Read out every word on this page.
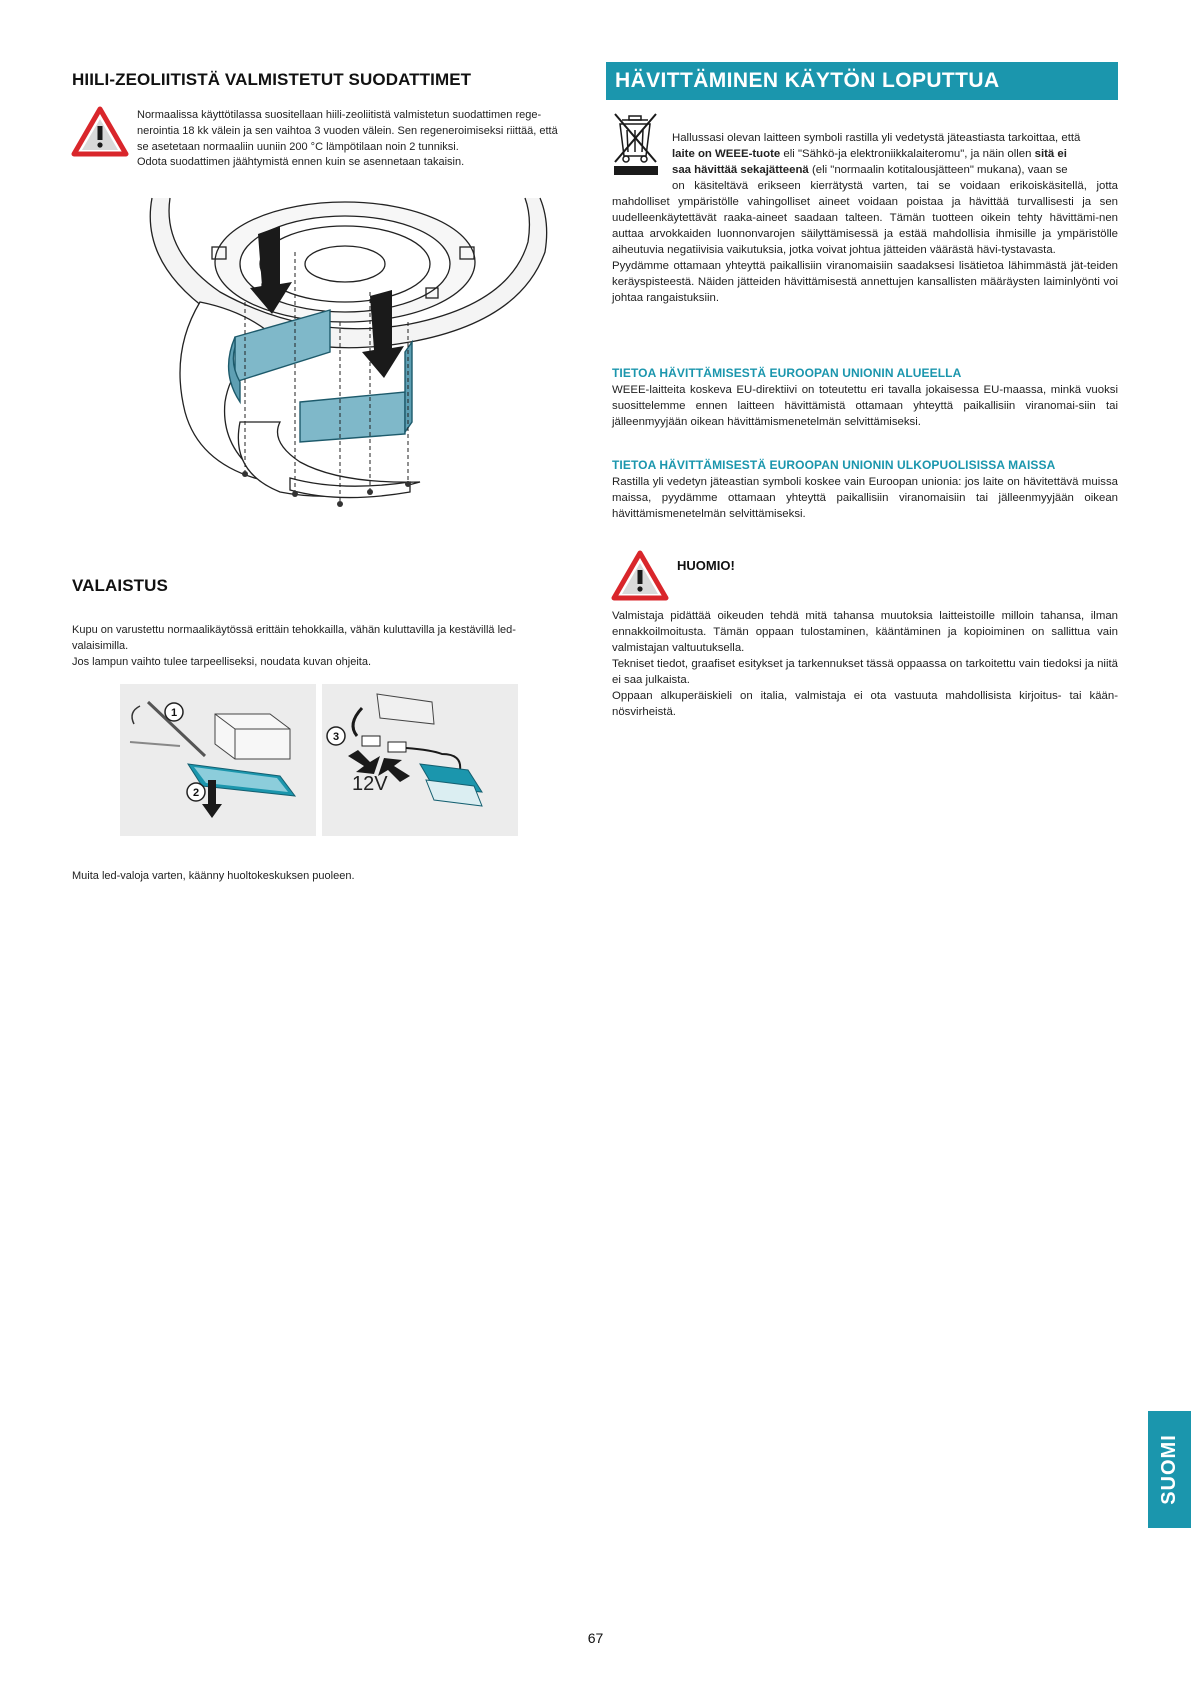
HIILI-ZEOLIITISTÄ VALMISTETUT SUODATTIMET

Normaalissa käyttötilassa suositellaan hiili-zeoliitistä valmistetun suodattimen rege-

nerointia 18 kk välein ja sen vaihtoa 3 vuoden välein. Sen regeneroimiseksi riittää, että

se asetetaan normaaliin uuniin 200 °C lämpötilaan noin 2 tunniksi.

Odota suodattimen jäähtymistä ennen kuin se asennetaan takaisin.

VALAISTUS

Kupu on varustettu normaalikäytössä erittäin tehokkailla, vähän kuluttavilla ja kestävillä led-

valaisimilla.

Jos lampun vaihto tulee tarpeelliseksi, noudata kuvan ohjeita.

1
2
3
12V
Muita led-valoja varten, käänny huoltokeskuksen puoleen.
HÄVITTÄMINEN KÄYTÖN LOPUTTUA

Hallussasi olevan laitteen symboli rastilla yli vedetystä jäteastiasta tarkoittaa, että

laite on WEEE-tuote eli "Sähkö-ja elektroniikkalaiteromu", ja näin ollen sitä ei

saa hävittää sekajätteenä (eli "normaalin kotitalousjätteen" mukana), vaan se

on käsiteltävä erikseen kierrätystä varten, tai se voidaan erikoiskäsitellä, jotta mahdolliset ympäristölle vahingolliset aineet voidaan poistaa ja hävittää turvallisesti ja sen uudelleenkäytettävät raaka-aineet saadaan talteen. Tämän tuotteen oikein tehty hävittämi-nen auttaa arvokkaiden luonnonvarojen säilyttämisessä ja estää mahdollisia ihmisille ja ympäristölle aiheutuvia negatiivisia vaikutuksia, jotka voivat johtua jätteiden väärästä hävi-tystavasta.

Pyydämme ottamaan yhteyttä paikallisiin viranomaisiin saadaksesi lisätietoa lähimmästä jät-teiden keräyspisteestä. Näiden jätteiden hävittämisestä annettujen kansallisten määräysten laiminlyönti voi johtaa rangaistuksiin.

TIETOA HÄVITTÄMISESTÄ EUROOPAN UNIONIN ALUEELLA
WEEE-laitteita koskeva EU-direktiivi on toteutettu eri tavalla jokaisessa EU-maassa, minkä vuoksi suosittelemme ennen laitteen hävittämistä ottamaan yhteyttä paikallisiin viranomai-siin tai jälleenmyyjään oikean hävittämismenetelmän selvittämiseksi.
TIETOA HÄVITTÄMISESTÄ EUROOPAN UNIONIN ULKOPUOLISISSA MAISSA
Rastilla yli vedetyn jäteastian symboli koskee vain Euroopan unionia: jos laite on hävitettävä muissa maissa, pyydämme ottamaan yhteyttä paikallisiin viranomaisiin tai jälleenmyyjään oikean hävittämismenetelmän selvittämiseksi.
HUOMIO!

Valmistaja pidättää oikeuden tehdä mitä tahansa muutoksia laitteistoille milloin tahansa, ilman ennakkoilmoitusta. Tämän oppaan tulostaminen, kääntäminen ja kopioiminen on sallittua vain valmistajan valtuutuksella.

Tekniset tiedot, graafiset esitykset ja tarkennukset tässä oppaassa on tarkoitettu vain tiedoksi ja niitä ei saa julkaista.

Oppaan alkuperäiskieli on italia, valmistaja ei ota vastuuta mahdollisista kirjoitus- tai kään-nösvirheistä.

SUOMI
67
